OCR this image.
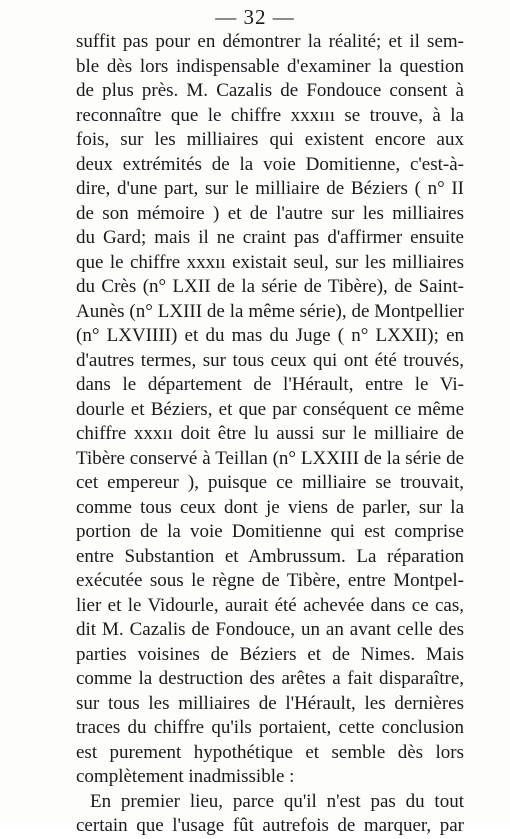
— 32 —
suffit pas pour en démontrer la réalité; et il sem-
ble dès lors indispensable d'examiner la question
de plus près. M. Cazalis de Fondouce consent à
reconnaître que le chiffre xxxııı se trouve, à la
fois, sur les milliaires qui existent encore aux
deux extrémités de la voie Domitienne, c'est-à-
dire, d'une part, sur le milliaire de Béziers ( n° II
de son mémoire ) et de l'autre sur les milliaires
du Gard; mais il ne craint pas d'affirmer ensuite
que le chiffre xxxıı existait seul, sur les milliaires
du Crès (n° LXII de la série de Tibère), de Saint-
Aunès (n° LXIII de la même série), de Montpellier
(n° LXVIIII) et du mas du Juge ( n° LXXII); en
d'autres termes, sur tous ceux qui ont été trouvés,
dans le département de l'Hérault, entre le Vi-
dourle et Béziers, et que par conséquent ce même
chiffre xxxıı doit être lu aussi sur le milliaire de
Tibère conservé à Teillan (n° LXXIII de la série de
cet empereur ), puisque ce milliaire se trouvait,
comme tous ceux dont je viens de parler, sur la
portion de la voie Domitienne qui est comprise
entre Substantion et Ambrussum. La réparation
exécutée sous le règne de Tibère, entre Montpel-
lier et le Vidourle, aurait été achevée dans ce cas,
dit M. Cazalis de Fondouce, un an avant celle des
parties voisines de Béziers et de Nimes. Mais
comme la destruction des arêtes a fait disparaître,
sur tous les milliaires de l'Hérault, les dernières
traces du chiffre qu'ils portaient, cette conclusion
est purement hypothétique et semble dès lors
complètement inadmissible :
En premier lieu, parce qu'il n'est pas du tout
certain que l'usage fût autrefois de marquer, par
